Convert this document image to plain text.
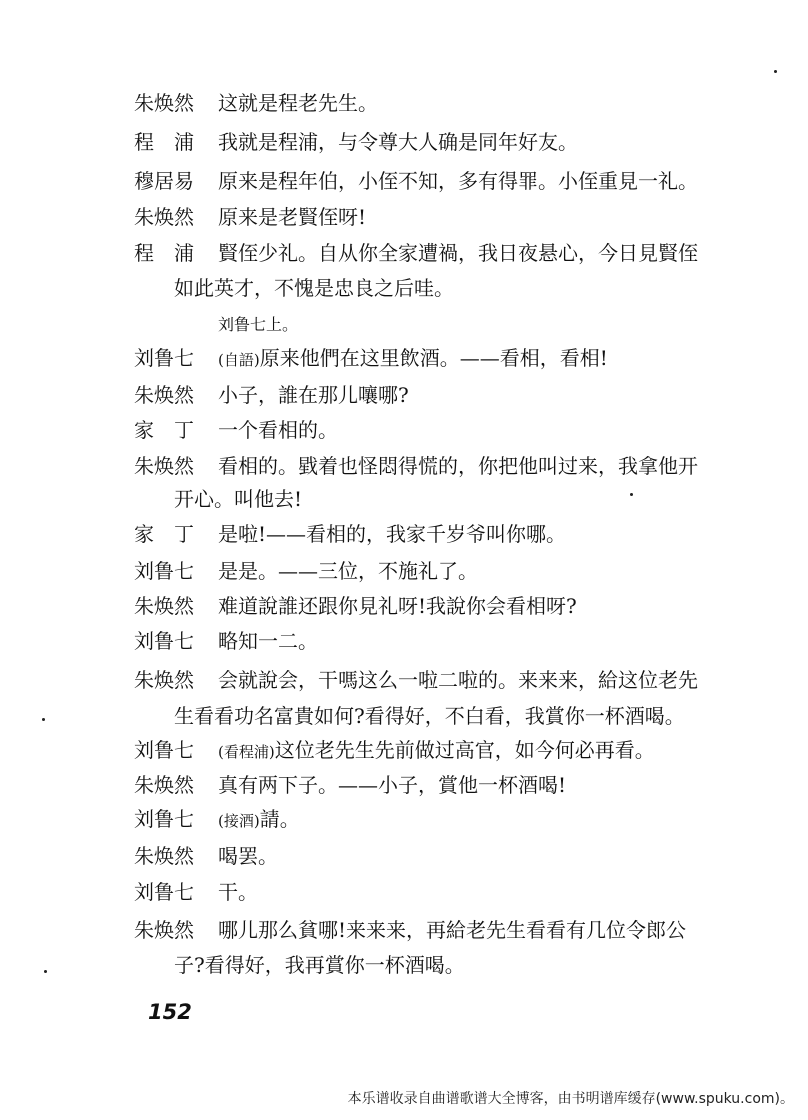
朱焕然	这就是程老先生。
程　浦	我就是程浦，与令尊大人确是同年好友。
穆居易	原来是程年伯，小侄不知，多有得罪。小侄重見一礼。
朱焕然	原来是老賢侄呀!
程　浦	賢侄少礼。自从你全家遭禍，我日夜悬心，今日見賢侄
如此英才，不愧是忠良之后哇。
刘鲁七上。
刘鲁七	(自語)原来他們在这里飲酒。——看相，看相!
朱焕然	小子，誰在那儿嚷哪?
家　丁	一个看相的。
朱焕然	看相的。戥着也怪悶得慌的，你把他叫过来，我拿他开
开心。叫他去!
家　丁	是啦!——看相的，我家千岁爷叫你哪。
刘鲁七	是是。——三位，不施礼了。
朱焕然	难道說誰还跟你見礼呀!我說你会看相呀?
刘鲁七	略知一二。
朱焕然	会就說会，干嗎这么一啦二啦的。来来来，給这位老先
生看看功名富貴如何?看得好，不白看，我賞你一杯酒喝。
刘鲁七	(看程浦)这位老先生先前做过高官，如今何必再看。
朱焕然	真有两下子。——小子，賞他一杯酒喝!
刘鲁七	(接酒)請。
朱焕然	喝罢。
刘鲁七	干。
朱焕然	哪儿那么貧哪!来来来，再給老先生看看有几位令郎公
子?看得好，我再賞你一杯酒喝。
152
本乐谱收录自曲谱歌谱大全博客，由书明谱库缓存(www.spuku.com)。
